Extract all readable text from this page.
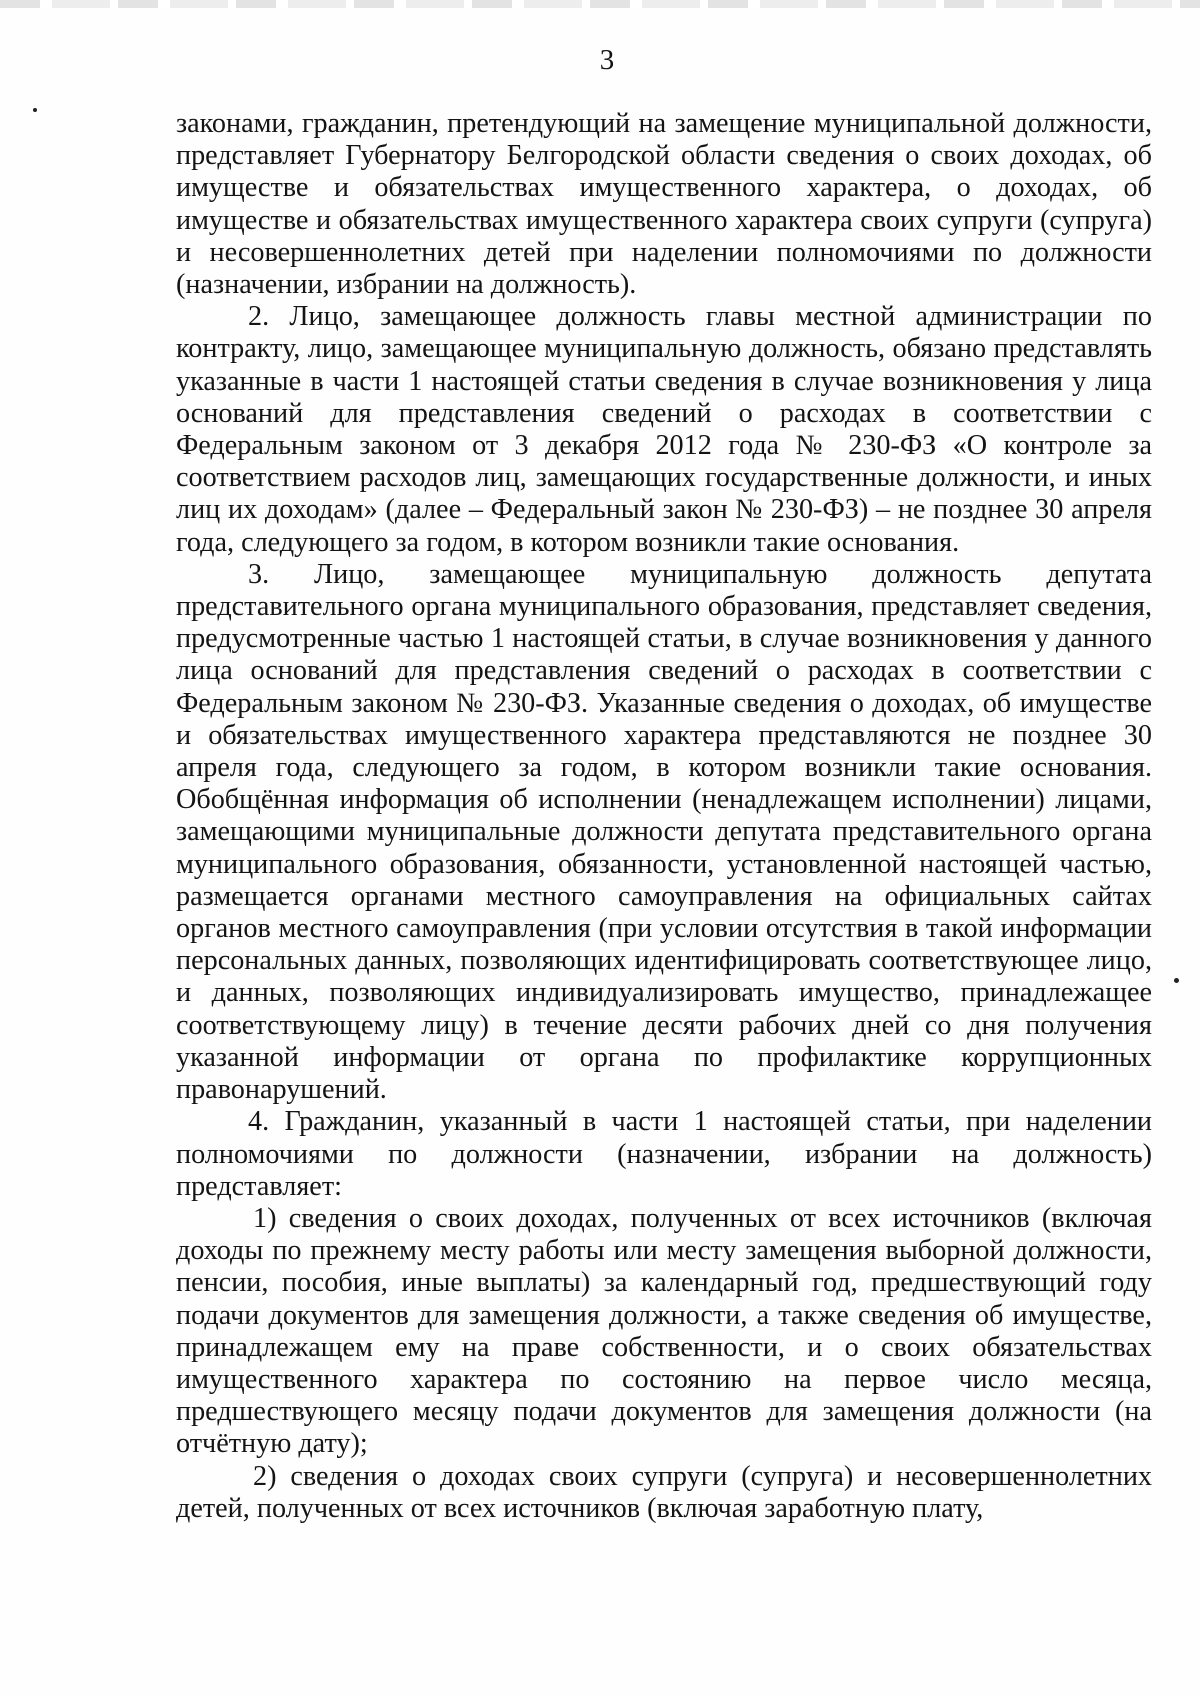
3

законами, гражданин, претендующий на замещение муниципальной должности, представляет Губернатору Белгородской области сведения о своих доходах, об имуществе и обязательствах имущественного характера, о доходах, об имуществе и обязательствах имущественного характера своих супруги (супруга) и несовершеннолетних детей при наделении полномочиями по должности (назначении, избрании на должность).

2. Лицо, замещающее должность главы местной администрации по контракту, лицо, замещающее муниципальную должность, обязано представлять указанные в части 1 настоящей статьи сведения в случае возникновения у лица оснований для представления сведений о расходах в соответствии с Федеральным законом от 3 декабря 2012 года № 230-ФЗ «О контроле за соответствием расходов лиц, замещающих государственные должности, и иных лиц их доходам» (далее – Федеральный закон № 230-ФЗ) – не позднее 30 апреля года, следующего за годом, в котором возникли такие основания.

3. Лицо, замещающее муниципальную должность депутата представительного органа муниципального образования, представляет сведения, предусмотренные частью 1 настоящей статьи, в случае возникновения у данного лица оснований для представления сведений о расходах в соответствии с Федеральным законом № 230-ФЗ. Указанные сведения о доходах, об имуществе и обязательствах имущественного характера представляются не позднее 30 апреля года, следующего за годом, в котором возникли такие основания. Обобщённая информация об исполнении (ненадлежащем исполнении) лицами, замещающими муниципальные должности депутата представительного органа муниципального образования, обязанности, установленной настоящей частью, размещается органами местного самоуправления на официальных сайтах органов местного самоуправления (при условии отсутствия в такой информации персональных данных, позволяющих идентифицировать соответствующее лицо, и данных, позволяющих индивидуализировать имущество, принадлежащее соответствующему лицу) в течение десяти рабочих дней со дня получения указанной информации от органа по профилактике коррупционных правонарушений.

4. Гражданин, указанный в части 1 настоящей статьи, при наделении полномочиями по должности (назначении, избрании на должность) представляет:

1) сведения о своих доходах, полученных от всех источников (включая доходы по прежнему месту работы или месту замещения выборной должности, пенсии, пособия, иные выплаты) за календарный год, предшествующий году подачи документов для замещения должности, а также сведения об имуществе, принадлежащем ему на праве собственности, и о своих обязательствах имущественного характера по состоянию на первое число месяца, предшествующего месяцу подачи документов для замещения должности (на отчётную дату);

2) сведения о доходах своих супруги (супруга) и несовершеннолетних детей, полученных от всех источников (включая заработную плату,
